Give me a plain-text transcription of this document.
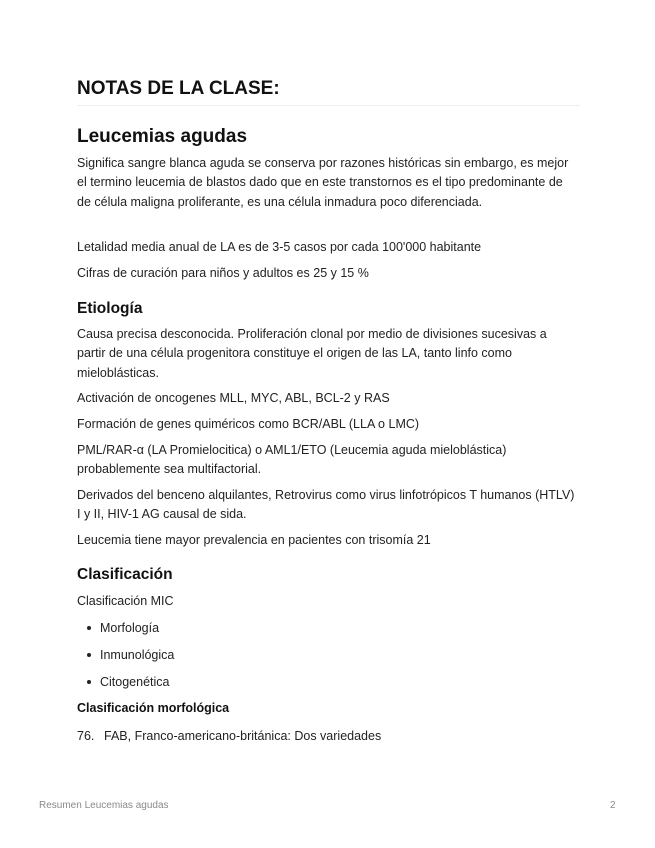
NOTAS DE LA CLASE:
Leucemias agudas

Significa sangre blanca aguda se conserva por razones históricas sin embargo, es mejor el termino leucemia de blastos dado que en este transtornos es el tipo predominante de de célula maligna proliferante, es una célula inmadura poco diferenciada.

Letalidad media anual de LA es de 3-5 casos por cada 100'000 habitante

Cifras de curación para niños y adultos es 25 y 15 %

Etiología

Causa precisa desconocida. Proliferación clonal por medio de divisiones sucesivas a partir de una célula progenitora constituye el origen de las LA, tanto linfo como mieloblásticas.

Activación de oncogenes MLL, MYC, ABL, BCL-2 y RAS

Formación de genes quiméricos como BCR/ABL (LLA o LMC)

PML/RAR-α (LA Promielocitica) o AML1/ETO (Leucemia aguda mieloblástica) probablemente sea multifactorial.

Derivados del benceno alquilantes, Retrovirus como virus linfotrópicos T humanos (HTLV) I y II, HIV-1 AG causal de sida.

Leucemia tiene mayor prevalencia en pacientes con trisomía 21

Clasificación

Clasificación MIC

Morfología
Inmunológica
Citogenética
Clasificación morfológica
76. FAB, Franco-americano-británica: Dos variedades
Resumen Leucemias agudas	2
